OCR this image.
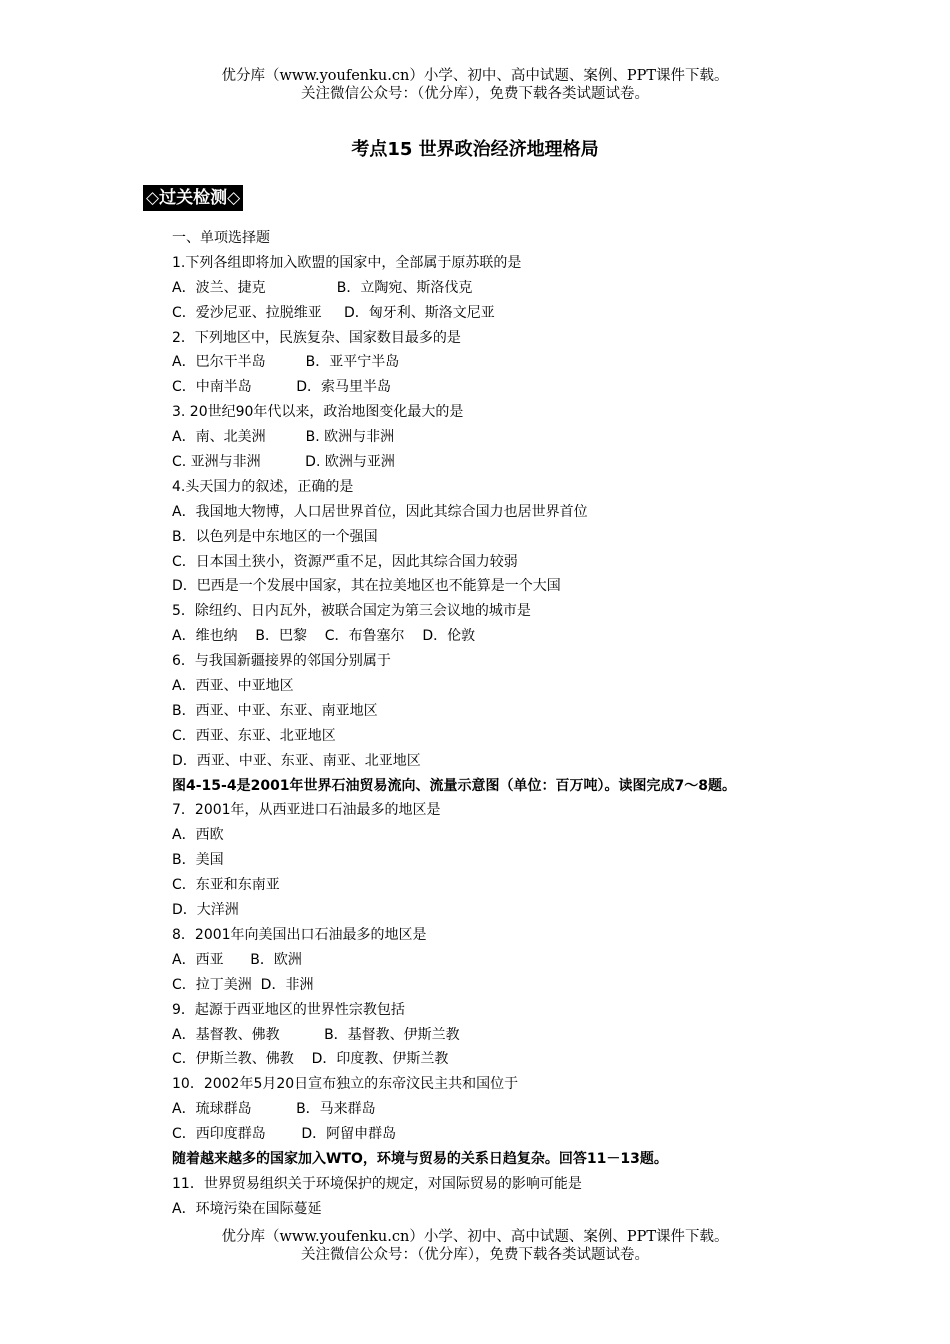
优分库（www.youfenku.cn）小学、初中、高中试题、案例、PPT课件下载。
关注微信公众号：（优分库），免费下载各类试题试卷。
考点15 世界政治经济地理格局
◇过关检测◇
一、单项选择题
1.下列各组即将加入欧盟的国家中，全部属于原苏联的是
A．波兰、捷克                B．立陶宛、斯洛伐克
C．爱沙尼亚、拉脱维亚     D．匈牙利、斯洛文尼亚
2．下列地区中，民族复杂、国家数目最多的是
A．巴尔干半岛         B．亚平宁半岛
C．中南半岛          D．索马里半岛
3. 20世纪90年代以来，政治地图变化最大的是
A．南、北美洲         B. 欧洲与非洲
C. 亚洲与非洲          D. 欧洲与亚洲
4.头天国力的叙述，正确的是
A．我国地大物博，人口居世界首位，因此其综合国力也居世界首位
B．以色列是中东地区的一个强国
C．日本国土狭小，资源严重不足，因此其综合国力较弱
D．巴西是一个发展中国家，其在拉美地区也不能算是一个大国
5．除纽约、日内瓦外，被联合国定为第三会议地的城市是
A．维也纳    B．巴黎    C．布鲁塞尔    D．伦敦
6．与我国新疆接界的邻国分别属于
A．西亚、中亚地区
B．西亚、中亚、东亚、南亚地区
C．西亚、东亚、北亚地区
D．西亚、中亚、东亚、南亚、北亚地区
图4-15-4是2001年世界石油贸易流向、流量示意图（单位：百万吨）。读图完成7～8题。
7．2001年，从西亚进口石油最多的地区是
A．西欧
B．美国
C．东亚和东南亚
D．大洋洲
8．2001年向美国出口石油最多的地区是
A．西亚      B．欧洲
C．拉丁美洲  D．非洲
9．起源于西亚地区的世界性宗教包括
A．基督教、佛教          B．基督教、伊斯兰教
C．伊斯兰教、佛教    D．印度教、伊斯兰教
10．2002年5月20日宣布独立的东帝汶民主共和国位于
A．琉球群岛          B．马来群岛
C．西印度群岛        D．阿留申群岛
随着越来越多的国家加入WTO，环境与贸易的关系日趋复杂。回答11－13题。
11．世界贸易组织关于环境保护的规定，对国际贸易的影响可能是
A．环境污染在国际蔓延
优分库（www.youfenku.cn）小学、初中、高中试题、案例、PPT课件下载。
关注微信公众号：（优分库），免费下载各类试题试卷。
